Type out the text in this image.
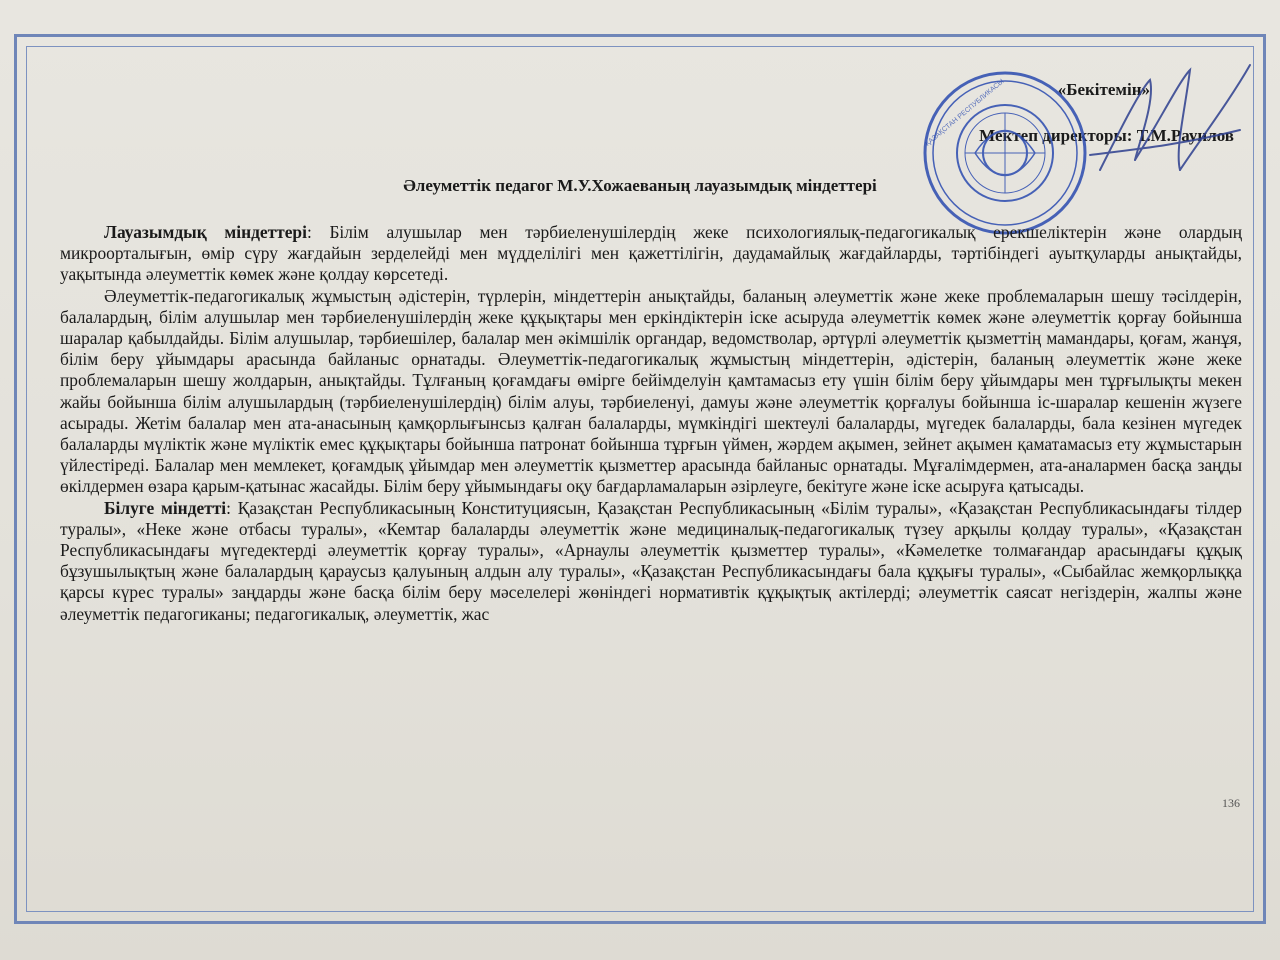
«Бекітемін»
Мектеп директоры: Т.М.Рауилов
ҚАЗАҚСТАН РЕСПУБЛИКАСЫ
Әлеуметтік педагог М.У.Хожаеваның лауазымдық міндеттері

Лауазымдық міндеттері: Білім алушылар мен тәрбиеленушілердің жеке психологиялық-педагогикалық ерекшеліктерін және олардың микроорталығын, өмір сүру жағдайын зерделейді мен мүдделілігі мен қажеттілігін, даудамайлық жағдайларды, тәртібіндегі ауытқуларды анықтайды, уақытында әлеуметтік көмек және қолдау көрсетеді.

Әлеуметтік-педагогикалық жұмыстың әдістерін, түрлерін, міндеттерін анықтайды, баланың әлеуметтік және жеке проблемаларын шешу тәсілдерін, балалардың, білім алушылар мен тәрбиеленушілердің жеке құқықтары мен еркіндіктерін іске асыруда әлеуметтік көмек және әлеуметтік қорғау бойынша шаралар қабылдайды. Білім алушылар, тәрбиешілер, балалар мен әкімшілік органдар, ведомстволар, әртүрлі әлеуметтік қызметтің мамандары, қоғам, жанұя, білім беру ұйымдары арасында байланыс орнатады. Әлеуметтік-педагогикалық жұмыстың міндеттерін, әдістерін, баланың әлеуметтік және жеке проблемаларын шешу жолдарын, анықтайды. Тұлғаның қоғамдағы өмірге бейімделуін қамтамасыз ету үшін білім беру ұйымдары мен тұрғылықты мекен жайы бойынша білім алушылардың (тәрбиеленушілердің) білім алуы, тәрбиеленуі, дамуы және әлеуметтік қорғалуы бойынша іс-шаралар кешенін жүзеге асырады. Жетім балалар мен ата-анасының қамқорлығынсыз қалған балаларды, мүмкіндігі шектеулі балаларды, мүгедек балаларды, бала кезінен мүгедек балаларды мүліктік және мүліктік емес құқықтары бойынша патронат бойынша тұрғын үймен, жәрдем ақымен, зейнет ақымен қаматамасыз ету жұмыстарын үйлестіреді. Балалар мен мемлекет, қоғамдық ұйымдар мен әлеуметтік қызметтер арасында байланыс орнатады. Мұғалімдермен, ата-аналармен басқа заңды өкілдермен өзара қарым-қатынас жасайды. Білім беру ұйымындағы оқу бағдарламаларын әзірлеуге, бекітуге және іске асыруға қатысады.

Білуге міндетті: Қазақстан Республикасының Конституциясын, Қазақстан Республикасының «Білім туралы», «Қазақстан Республикасындағы тілдер туралы», «Неке және отбасы туралы», «Кемтар балаларды әлеуметтік және медициналық-педагогикалық түзеу арқылы қолдау туралы», «Қазақстан Республикасындағы мүгедектерді әлеуметтік қорғау туралы», «Арнаулы әлеуметтік қызметтер туралы», «Кәмелетке толмағандар арасындағы құқық бұзушылықтың және балалардың қараусыз қалуының алдын алу туралы», «Қазақстан Республикасындағы бала құқығы туралы», «Сыбайлас жемқорлыққа қарсы күрес туралы» заңдарды және басқа білім беру мәселелері жөніндегі нормативтік құқықтық актілерді; әлеуметтік саясат негіздерін, жалпы және әлеуметтік педагогиканы; педагогикалық, әлеуметтік, жас

136
